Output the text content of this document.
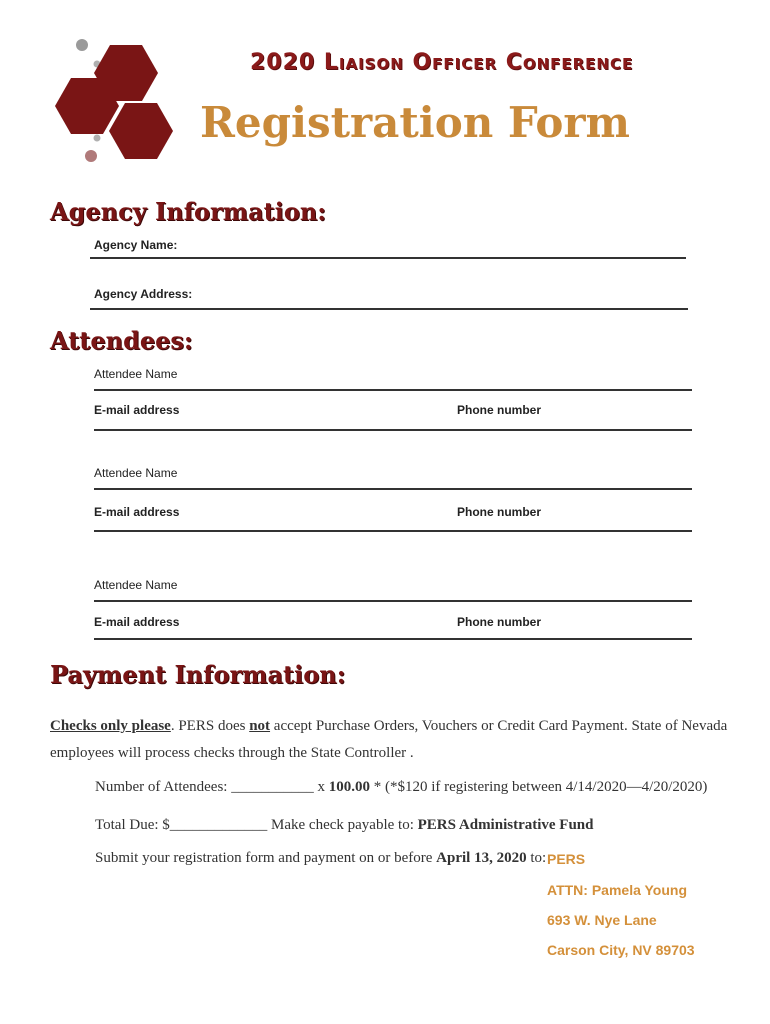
2020 Liaison Officer Conference
Registration Form
Agency Information:
Agency Name:
Agency Address:
Attendees:
Attendee Name
E-mail address	Phone number
Attendee Name
E-mail address	Phone number
Attendee Name
E-mail address	Phone number
Payment Information:
Checks only please. PERS does not accept Purchase Orders, Vouchers or Credit Card Payment. State of Nevada employees will process checks through the State Controller .
Number of Attendees: ___________ x 100.00 * (*$120 if registering between 4/14/2020—4/20/2020)
Total Due: $_____________ Make check payable to: PERS Administrative Fund
Submit your registration form and payment on or before April 13, 2020 to: PERS
ATTN: Pamela Young
693 W. Nye Lane
Carson City, NV 89703
